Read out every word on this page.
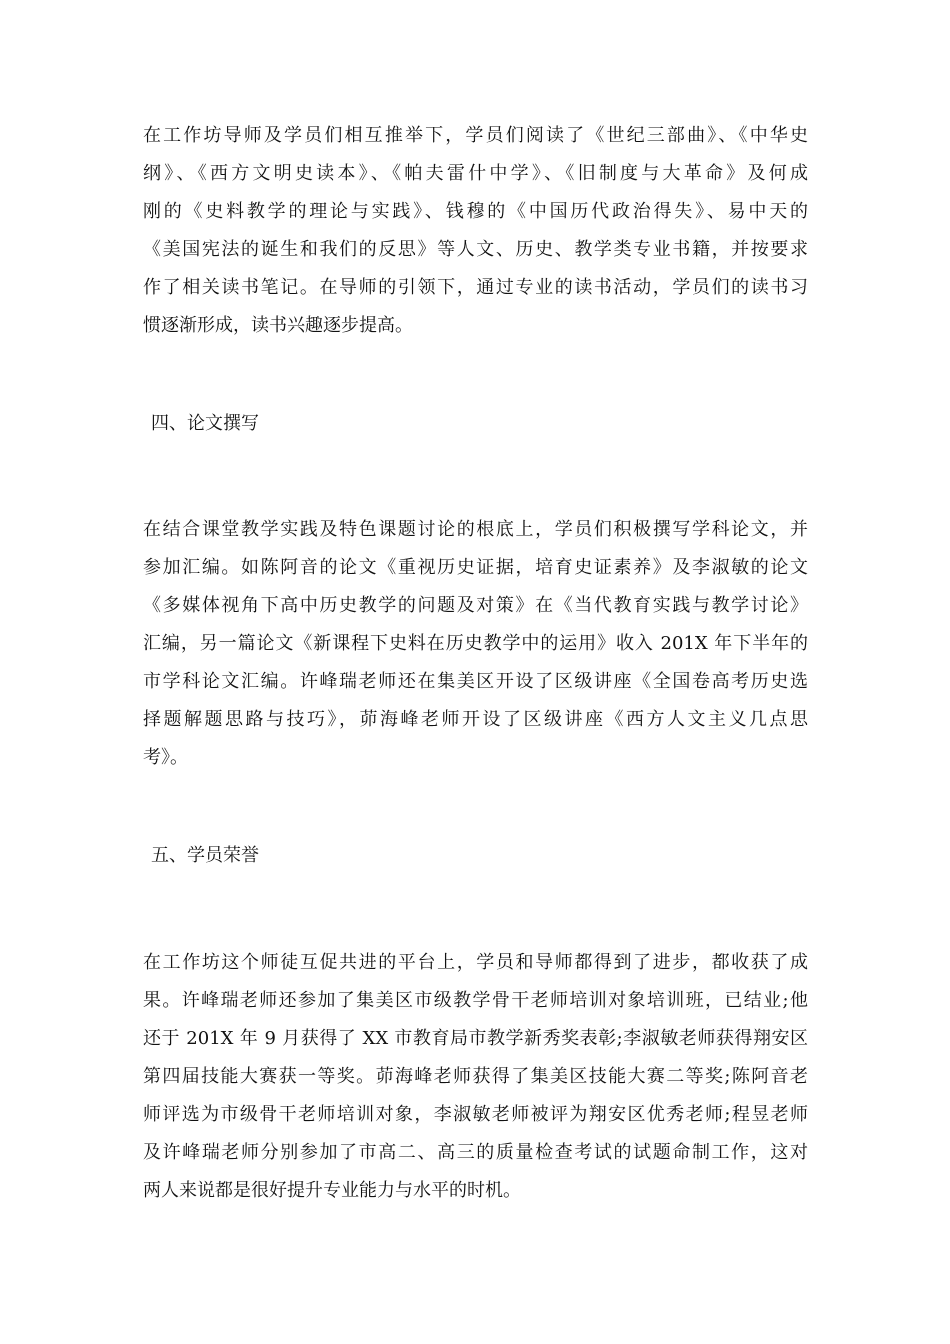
在工作坊导师及学员们相互推举下，学员们阅读了《世纪三部曲》、《中华史
纲》、《西方文明史读本》、《帕夫雷什中学》、《旧制度与大革命》及何成
刚的《史料教学的理论与实践》、钱穆的《中国历代政治得失》、易中天的
《美国宪法的诞生和我们的反思》等人文、历史、教学类专业书籍，并按要求
作了相关读书笔记。在导师的引领下，通过专业的读书活动，学员们的读书习
惯逐渐形成，读书兴趣逐步提高。
四、论文撰写
在结合课堂教学实践及特色课题讨论的根底上，学员们积极撰写学科论文，并
参加汇编。如陈阿音的论文《重视历史证据，培育史证素养》及李淑敏的论文
《多媒体视角下高中历史教学的问题及对策》在《当代教育实践与教学讨论》
汇编，另一篇论文《新课程下史料在历史教学中的运用》收入 201X 年下半年的
市学科论文汇编。许峰瑞老师还在集美区开设了区级讲座《全国卷高考历史选
择题解题思路与技巧》，茆海峰老师开设了区级讲座《西方人文主义几点思
考》。
五、学员荣誉
在工作坊这个师徒互促共进的平台上，学员和导师都得到了进步，都收获了成
果。许峰瑞老师还参加了集美区市级教学骨干老师培训对象培训班，已结业;他
还于 201X 年 9 月获得了 XX 市教育局市教学新秀奖表彰;李淑敏老师获得翔安区
第四届技能大赛获一等奖。茆海峰老师获得了集美区技能大赛二等奖;陈阿音老
师评选为市级骨干老师培训对象，李淑敏老师被评为翔安区优秀老师;程昱老师
及许峰瑞老师分别参加了市高二、高三的质量检查考试的试题命制工作，这对
两人来说都是很好提升专业能力与水平的时机。
